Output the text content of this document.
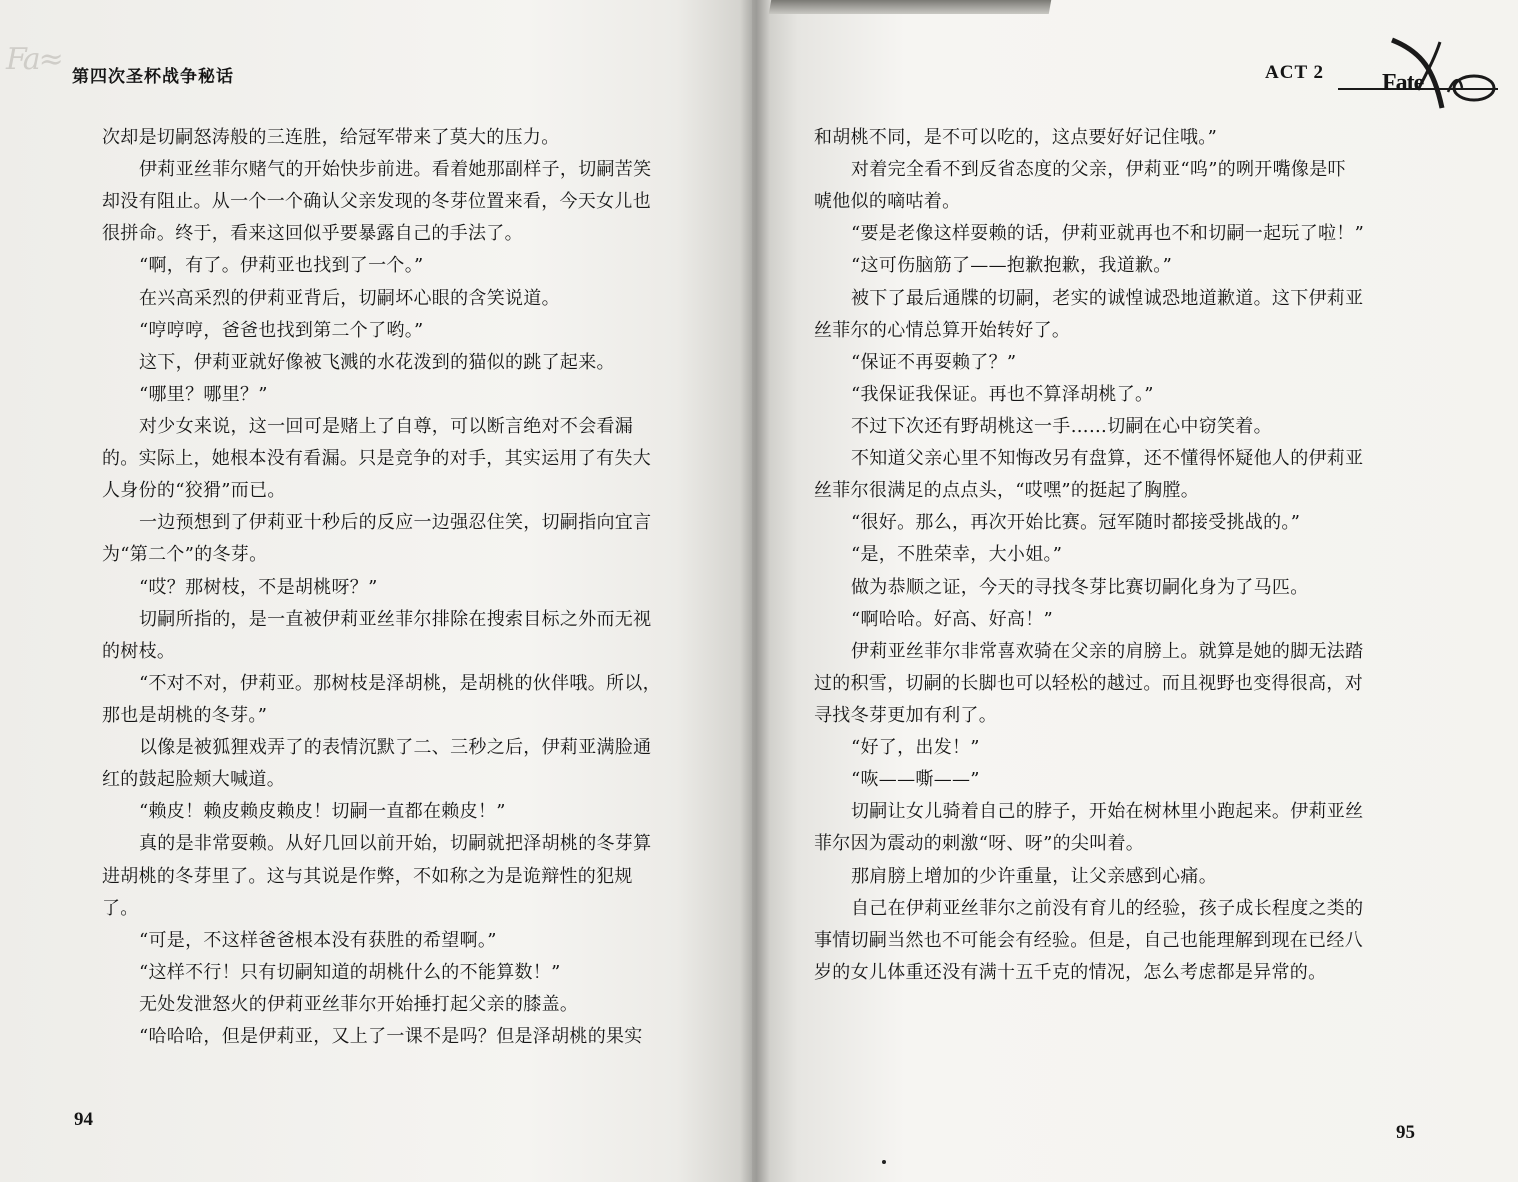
Fa≈ 第四次圣杯战争秘话
次却是切嗣怒涛般的三连胜，给冠军带来了莫大的压力。
伊莉亚丝菲尔赌气的开始快步前进。看着她那副样子，切嗣苦笑
却没有阻止。从一个一个确认父亲发现的冬芽位置来看，今天女儿也
很拼命。终于，看来这回似乎要暴露自己的手法了。
“啊，有了。伊莉亚也找到了一个。”
在兴高采烈的伊莉亚背后，切嗣坏心眼的含笑说道。
“哼哼哼，爸爸也找到第二个了哟。”
这下，伊莉亚就好像被飞溅的水花泼到的猫似的跳了起来。
“哪里？哪里？”
对少女来说，这一回可是赌上了自尊，可以断言绝对不会看漏
的。实际上，她根本没有看漏。只是竞争的对手，其实运用了有失大
人身份的“狡猾”而已。
一边预想到了伊莉亚十秒后的反应一边强忍住笑，切嗣指向宜言
为“第二个”的冬芽。
“哎？那树枝，不是胡桃呀？”
切嗣所指的，是一直被伊莉亚丝菲尔排除在搜索目标之外而无视
的树枝。
“不对不对，伊莉亚。那树枝是泽胡桃，是胡桃的伙伴哦。所以，
那也是胡桃的冬芽。”
以像是被狐狸戏弄了的表情沉默了二、三秒之后，伊莉亚满脸通
红的鼓起脸颊大喊道。
“赖皮！赖皮赖皮赖皮！切嗣一直都在赖皮！”
真的是非常耍赖。从好几回以前开始，切嗣就把泽胡桃的冬芽算
进胡桃的冬芽里了。这与其说是作弊，不如称之为是诡辩性的犯规
了。
“可是，不这样爸爸根本没有获胜的希望啊。”
“这样不行！只有切嗣知道的胡桃什么的不能算数！”
无处发泄怒火的伊莉亚丝菲尔开始捶打起父亲的膝盖。
“哈哈哈，但是伊莉亚，又上了一课不是吗？但是泽胡桃的果实
94
ACT 2 Fate
和胡桃不同，是不可以吃的，这点要好好记住哦。”
对着完全看不到反省态度的父亲，伊莉亚“呜”的咧开嘴像是吓
唬他似的嘀咕着。
“要是老像这样耍赖的话，伊莉亚就再也不和切嗣一起玩了啦！”
“这可伤脑筋了——抱歉抱歉，我道歉。”
被下了最后通牒的切嗣，老实的诚惶诚恐地道歉道。这下伊莉亚
丝菲尔的心情总算开始转好了。
“保证不再耍赖了？”
“我保证我保证。再也不算泽胡桃了。”
不过下次还有野胡桃这一手……切嗣在心中窃笑着。
不知道父亲心里不知悔改另有盘算，还不懂得怀疑他人的伊莉亚
丝菲尔很满足的点点头，“哎嘿”的挺起了胸膛。
“很好。那么，再次开始比赛。冠军随时都接受挑战的。”
“是，不胜荣幸，大小姐。”
做为恭顺之证，今天的寻找冬芽比赛切嗣化身为了马匹。
“啊哈哈。好高、好高！”
伊莉亚丝菲尔非常喜欢骑在父亲的肩膀上。就算是她的脚无法踏
过的积雪，切嗣的长脚也可以轻松的越过。而且视野也变得很高，对
寻找冬芽更加有利了。
“好了，出发！”
“咴——嘶——”
切嗣让女儿骑着自己的脖子，开始在树林里小跑起来。伊莉亚丝
菲尔因为震动的刺激“呀、呀”的尖叫着。
那肩膀上增加的少许重量，让父亲感到心痛。
自己在伊莉亚丝菲尔之前没有育儿的经验，孩子成长程度之类的
事情切嗣当然也不可能会有经验。但是，自己也能理解到现在已经八
岁的女儿体重还没有满十五千克的情况，怎么考虑都是异常的。
95
